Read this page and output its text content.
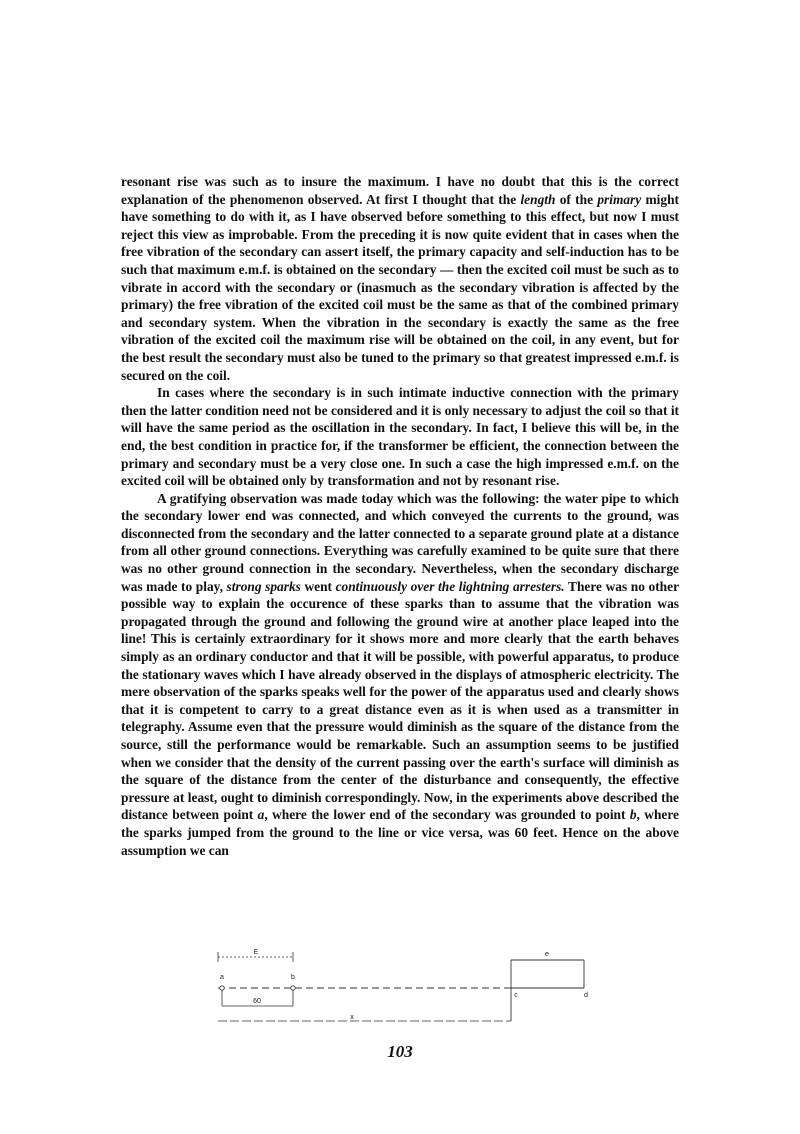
resonant rise was such as to insure the maximum. I have no doubt that this is the correct explanation of the phenomenon observed. At first I thought that the length of the primary might have something to do with it, as I have observed before something to this effect, but now I must reject this view as improbable. From the preceding it is now quite evident that in cases when the free vibration of the secondary can assert itself, the primary capacity and self-induction has to be such that maximum e.m.f. is obtained on the secondary — then the excited coil must be such as to vibrate in accord with the secondary or (inasmuch as the secondary vibration is affected by the primary) the free vibration of the excited coil must be the same as that of the combined primary and secondary system. When the vibration in the secondary is exactly the same as the free vibration of the excited coil the maximum rise will be obtained on the coil, in any event, but for the best result the secondary must also be tuned to the primary so that greatest impressed e.m.f. is secured on the coil.

In cases where the secondary is in such intimate inductive connection with the primary then the latter condition need not be considered and it is only necessary to adjust the coil so that it will have the same period as the oscillation in the secondary. In fact, I believe this will be, in the end, the best condition in practice for, if the transformer be efficient, the connection between the primary and secondary must be a very close one. In such a case the high impressed e.m.f. on the excited coil will be obtained only by transformation and not by resonant rise.

A gratifying observation was made today which was the following: the water pipe to which the secondary lower end was connected, and which conveyed the currents to the ground, was disconnected from the secondary and the latter connected to a separate ground plate at a distance from all other ground connections. Everything was carefully examined to be quite sure that there was no other ground connection in the secondary. Nevertheless, when the secondary discharge was made to play, strong sparks went continuously over the lightning arresters. There was no other possible way to explain the occurence of these sparks than to assume that the vibration was propagated through the ground and following the ground wire at another place leaped into the line! This is certainly extraordinary for it shows more and more clearly that the earth behaves simply as an ordinary conductor and that it will be possible, with powerful apparatus, to produce the stationary waves which I have already observed in the displays of atmospheric electricity. The mere observation of the sparks speaks well for the power of the apparatus used and clearly shows that it is competent to carry to a great distance even as it is when used as a transmitter in telegraphy. Assume even that the pressure would diminish as the square of the distance from the source, still the performance would be remarkable. Such an assumption seems to be justified when we consider that the density of the current passing over the earth's surface will diminish as the square of the distance from the center of the disturbance and consequently, the effective pressure at least, ought to diminish correspondingly. Now, in the experiments above described the distance between point a, where the lower end of the secondary was grounded to point b, where the sparks jumped from the ground to the line or vice versa, was 60 feet. Hence on the above assumption we can

E
a	b
60
x
e
c	d
103
